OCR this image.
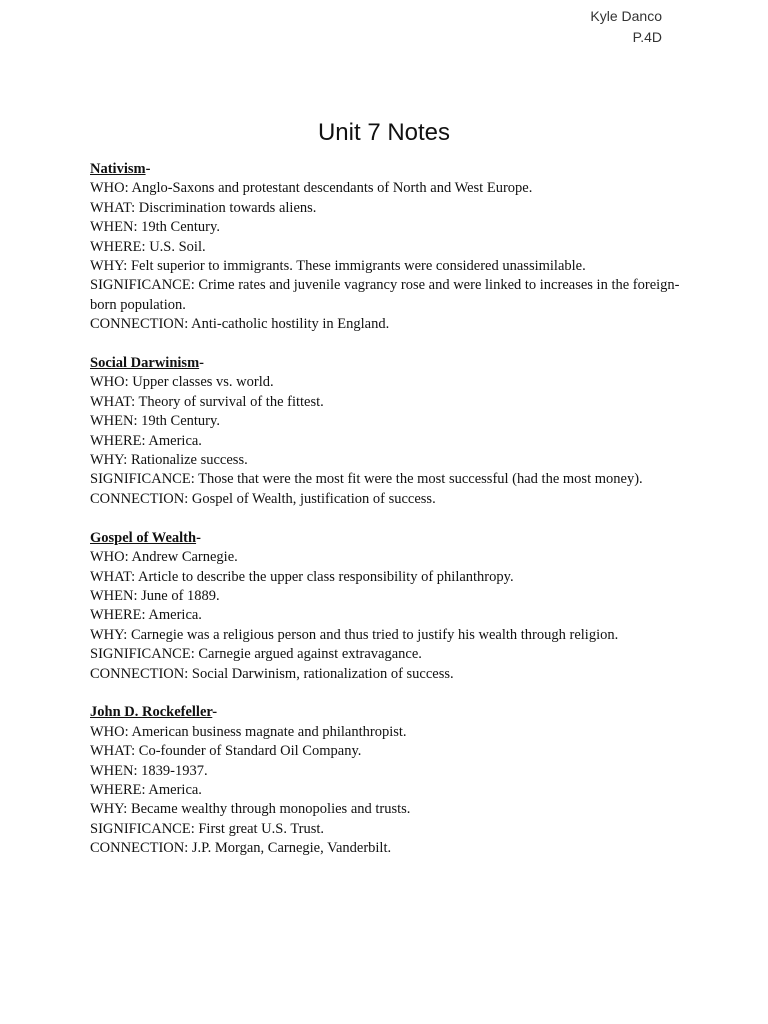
Kyle Danco
P.4D
Unit 7 Notes
Nativism-
WHO: Anglo-Saxons and protestant descendants of North and West Europe.
WHAT: Discrimination towards aliens.
WHEN: 19th Century.
WHERE: U.S. Soil.
WHY: Felt superior to immigrants. These immigrants were considered unassimilable.
SIGNIFICANCE: Crime rates and juvenile vagrancy rose and were linked to increases in the foreign-born population.
CONNECTION: Anti-catholic hostility in England.
Social Darwinism-
WHO: Upper classes vs. world.
WHAT: Theory of survival of the fittest.
WHEN: 19th Century.
WHERE: America.
WHY: Rationalize success.
SIGNIFICANCE: Those that were the most fit were the most successful (had the most money).
CONNECTION: Gospel of Wealth, justification of success.
Gospel of Wealth-
WHO: Andrew Carnegie.
WHAT: Article to describe the upper class responsibility of philanthropy.
WHEN: June of 1889.
WHERE: America.
WHY: Carnegie was a religious person and thus tried to justify his wealth through religion.
SIGNIFICANCE: Carnegie argued against extravagance.
CONNECTION: Social Darwinism, rationalization of success.
John D. Rockefeller-
WHO: American business magnate and philanthropist.
WHAT: Co-founder of Standard Oil Company.
WHEN: 1839-1937.
WHERE: America.
WHY: Became wealthy through monopolies and trusts.
SIGNIFICANCE: First great U.S. Trust.
CONNECTION: J.P. Morgan, Carnegie, Vanderbilt.
